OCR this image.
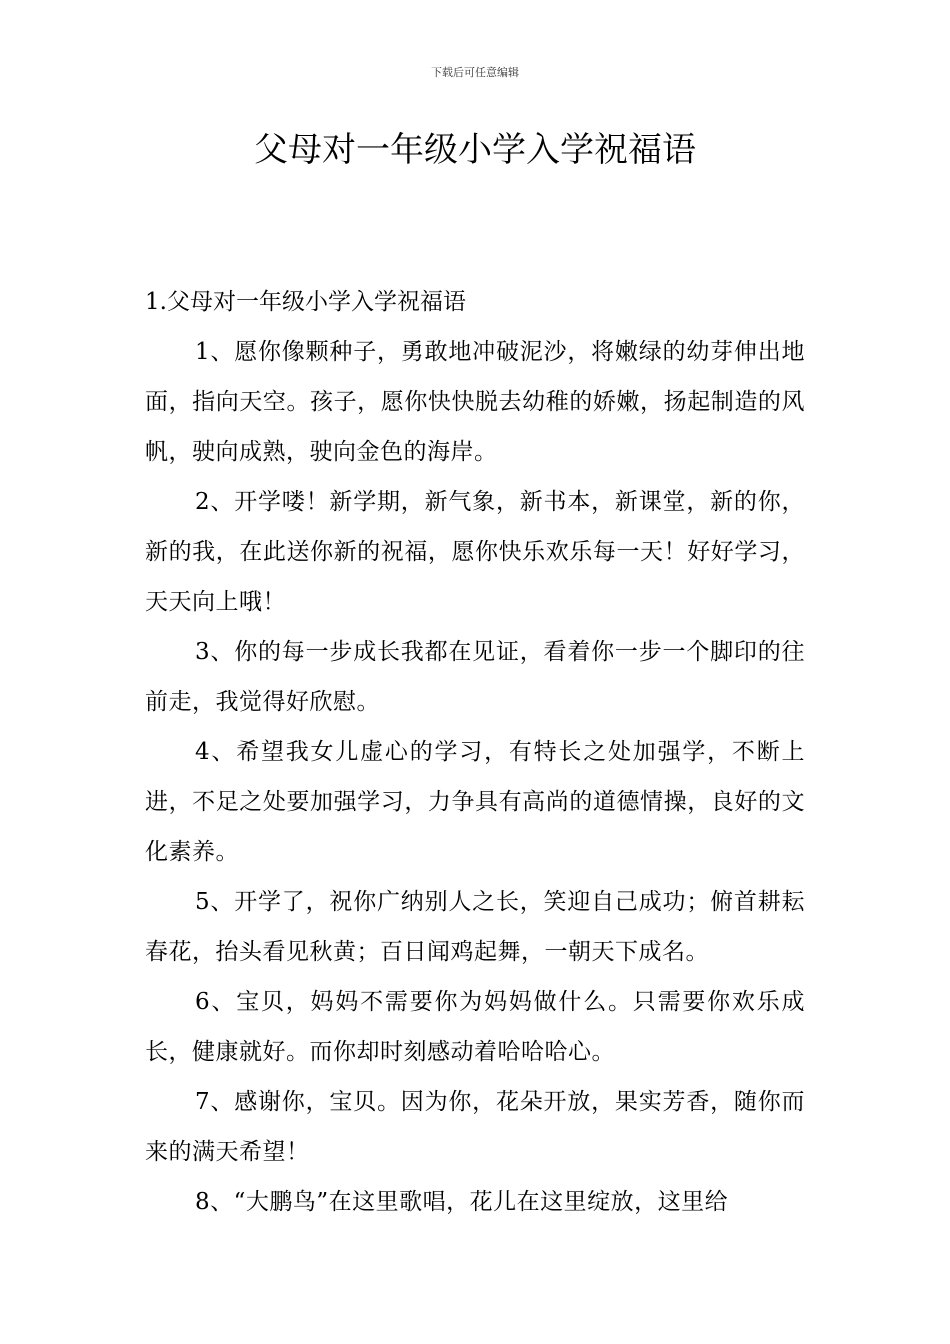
下载后可任意编辑
父母对一年级小学入学祝福语

1.父母对一年级小学入学祝福语

1、愿你像颗种子，勇敢地冲破泥沙，将嫩绿的幼芽伸出地面，指向天空。孩子，愿你快快脱去幼稚的娇嫩，扬起制造的风帆，驶向成熟，驶向金色的海岸。

2、开学喽！新学期，新气象，新书本，新课堂，新的你，新的我，在此送你新的祝福，愿你快乐欢乐每一天！好好学习，天天向上哦！

3、你的每一步成长我都在见证，看着你一步一个脚印的往前走，我觉得好欣慰。

4、希望我女儿虚心的学习，有特长之处加强学，不断上进，不足之处要加强学习，力争具有高尚的道德情操，良好的文化素养。

5、开学了，祝你广纳别人之长，笑迎自己成功；俯首耕耘春花，抬头看见秋黄；百日闻鸡起舞，一朝天下成名。

6、宝贝，妈妈不需要你为妈妈做什么。只需要你欢乐成长，健康就好。而你却时刻感动着哈哈哈心。

7、感谢你，宝贝。因为你，花朵开放，果实芳香，随你而来的满天希望！

8、“大鹏鸟”在这里歌唱，花儿在这里绽放，这里给
